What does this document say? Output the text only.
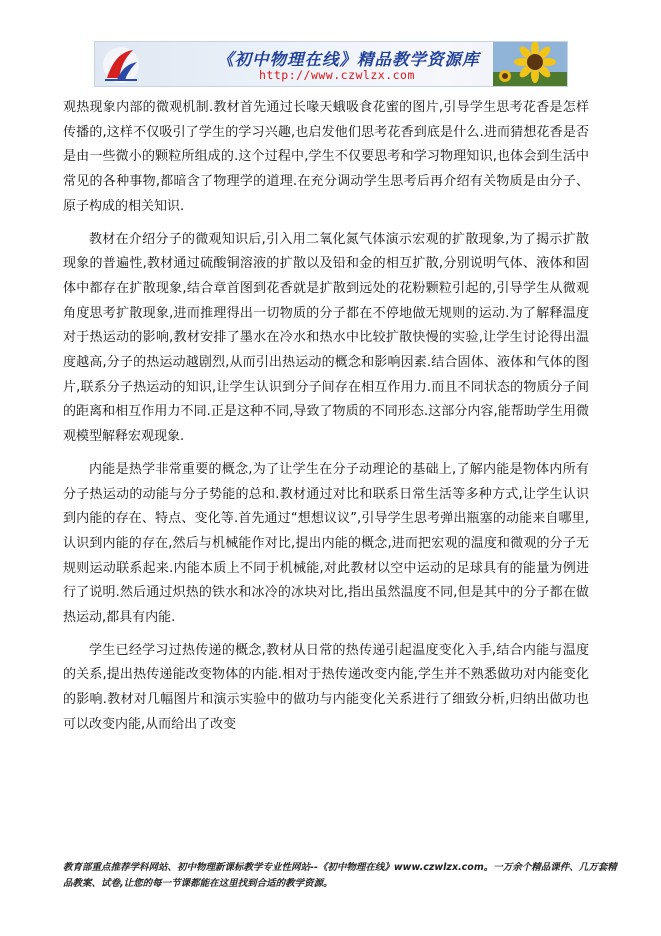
《初中物理在线》精品教学资源库
http://www.czwlzx.com

观热现象内部的微观机制.教材首先通过长喙天蛾吸食花蜜的图片,引导学生思考花香是怎样传播的,这样不仅吸引了学生的学习兴趣,也启发他们思考花香到底是什么.进而猜想花香是否是由一些微小的颗粒所组成的.这个过程中,学生不仅要思考和学习物理知识,也体会到生活中常见的各种事物,都暗含了物理学的道理.在充分调动学生思考后再介绍有关物质是由分子、原子构成的相关知识.

教材在介绍分子的微观知识后,引入用二氧化氮气体演示宏观的扩散现象,为了揭示扩散现象的普遍性,教材通过硫酸铜溶液的扩散以及铅和金的相互扩散,分别说明气体、液体和固体中都存在扩散现象,结合章首图到花香就是扩散到远处的花粉颗粒引起的,引导学生从微观角度思考扩散现象,进而推理得出一切物质的分子都在不停地做无规则的运动.为了解释温度对于热运动的影响,教材安排了墨水在冷水和热水中比较扩散快慢的实验,让学生讨论得出温度越高,分子的热运动越剧烈,从而引出热运动的概念和影响因素.结合固体、液体和气体的图片,联系分子热运动的知识,让学生认识到分子间存在相互作用力.而且不同状态的物质分子间的距离和相互作用力不同.正是这种不同,导致了物质的不同形态.这部分内容,能帮助学生用微观模型解释宏观现象.

内能是热学非常重要的概念,为了让学生在分子动理论的基础上,了解内能是物体内所有分子热运动的动能与分子势能的总和.教材通过对比和联系日常生活等多种方式,让学生认识到内能的存在、特点、变化等.首先通过“想想议议”,引导学生思考弹出瓶塞的动能来自哪里,认识到内能的存在,然后与机械能作对比,提出内能的概念,进而把宏观的温度和微观的分子无规则运动联系起来.内能本质上不同于机械能,对此教材以空中运动的足球具有的能量为例进行了说明.然后通过炽热的铁水和冰冷的冰块对比,指出虽然温度不同,但是其中的分子都在做热运动,都具有内能.

学生已经学习过热传递的概念,教材从日常的热传递引起温度变化入手,结合内能与温度的关系,提出热传递能改变物体的内能.相对于热传递改变内能,学生并不熟悉做功对内能变化的影响.教材对几幅图片和演示实验中的做功与内能变化关系进行了细致分析,归纳出做功也可以改变内能,从而给出了改变

教育部重点推荐学科网站、初中物理新课标教学专业性网站--《初中物理在线》www.czwlzx.com。一万余个精品课件、几万套精品教案、试卷,让您的每一节课都能在这里找到合适的教学资源。
